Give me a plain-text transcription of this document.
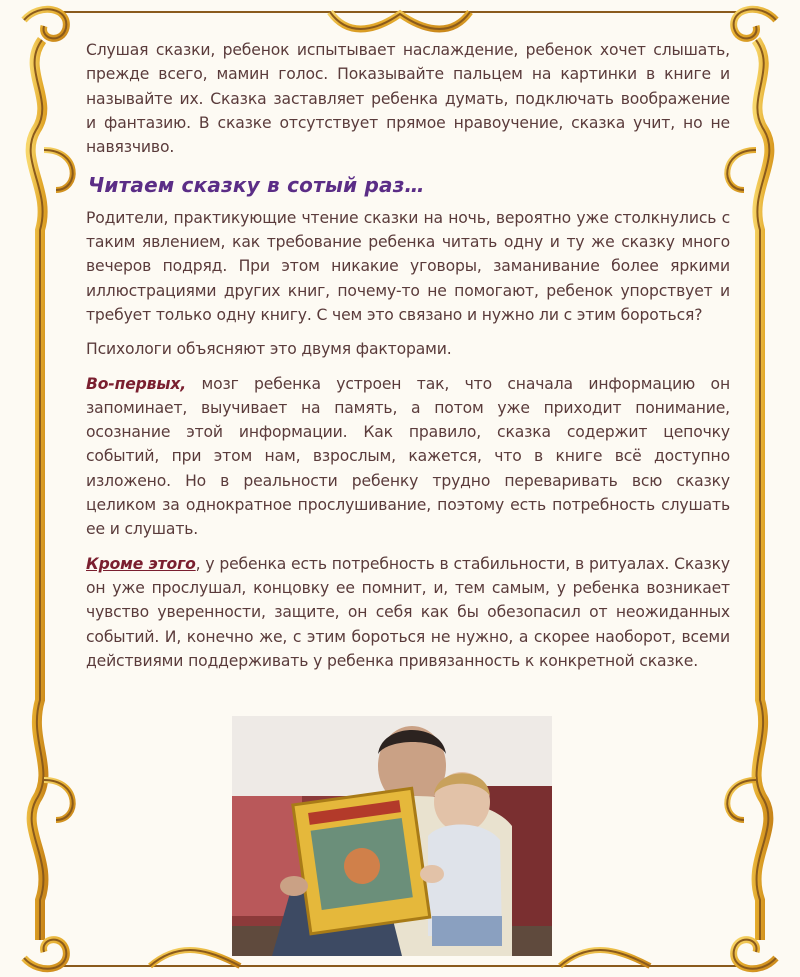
Слушая сказки, ребенок испытывает наслаждение, ребенок хочет слышать, прежде всего, мамин голос. Показывайте пальцем на картинки в книге и называйте их. Сказка заставляет ребенка думать, подключать воображение и фантазию. В сказке отсутствует прямое нравоучение, сказка учит, но не навязчиво.

Читаем сказку в сотый раз…

Родители, практикующие чтение сказки на ночь, вероятно уже столкнулись с таким явлением, как требование ребенка читать одну и ту же сказку много вечеров подряд. При этом никакие уговоры, заманивание более яркими иллюстрациями других книг, почему-то не помогают, ребенок упорствует и требует только одну книгу. С чем это связано и нужно ли с этим бороться?

Психологи объясняют это двумя факторами.

Во-первых, мозг ребенка устроен так, что сначала информацию он запоминает, выучивает на память, а потом уже приходит понимание, осознание этой информации. Как правило, сказка содержит цепочку событий, при этом нам, взрослым, кажется, что в книге всё доступно изложено. Но в реальности ребенку трудно переваривать всю сказку целиком за однократное прослушивание, поэтому есть потребность слушать ее и слушать.

Кроме этого, у ребенка есть потребность в стабильности, в ритуалах. Сказку он уже прослушал, концовку ее помнит, и, тем самым, у ребенка возникает чувство уверенности, защите, он себя как бы обезопасил от неожиданных событий. И, конечно же, с этим бороться не нужно, а скорее наоборот, всеми действиями поддерживать у ребенка привязанность к конкретной сказке.
